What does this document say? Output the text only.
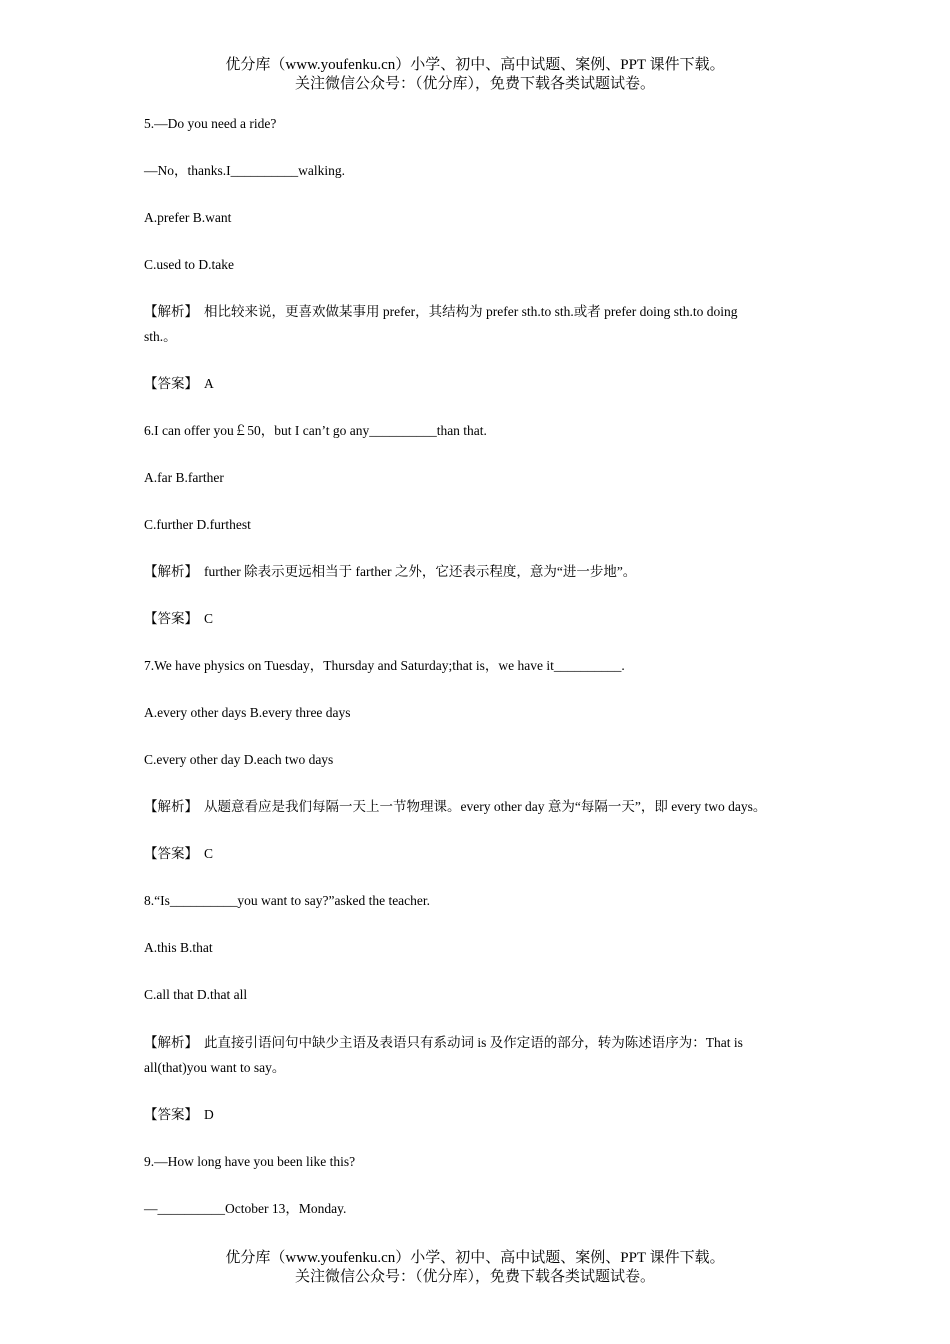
优分库（www.youfenku.cn）小学、初中、高中试题、案例、PPT 课件下载。
关注微信公众号：（优分库），免费下载各类试题试卷。
5.—Do you need a ride?
—No，thanks.I__________walking.
A.prefer B.want
C.used to D.take
【解析】 相比较来说，更喜欢做某事用 prefer，其结构为 prefer sth.to sth.或者 prefer doing sth.to doing
sth.。
【答案】 A
6.I can offer you￡50，but I can’t go any__________than that.
A.far B.farther
C.further D.furthest
【解析】 further 除表示更远相当于 farther 之外，它还表示程度，意为“进一步地”。
【答案】 C
7.We have physics on Tuesday，Thursday and Saturday;that is，we have it__________.
A.every other days B.every three days
C.every other day D.each two days
【解析】 从题意看应是我们每隔一天上一节物理课。every other day 意为“每隔一天”，即 every two days。
【答案】 C
8.“Is__________you want to say?”asked the teacher.
A.this B.that
C.all that D.that all
【解析】 此直接引语问句中缺少主语及表语只有系动词 is 及作定语的部分，转为陈述语序为：That is
all(that)you want to say。
【答案】 D
9.—How long have you been like this?
—__________October 13，Monday.
优分库（www.youfenku.cn）小学、初中、高中试题、案例、PPT 课件下载。
关注微信公众号：（优分库），免费下载各类试题试卷。
